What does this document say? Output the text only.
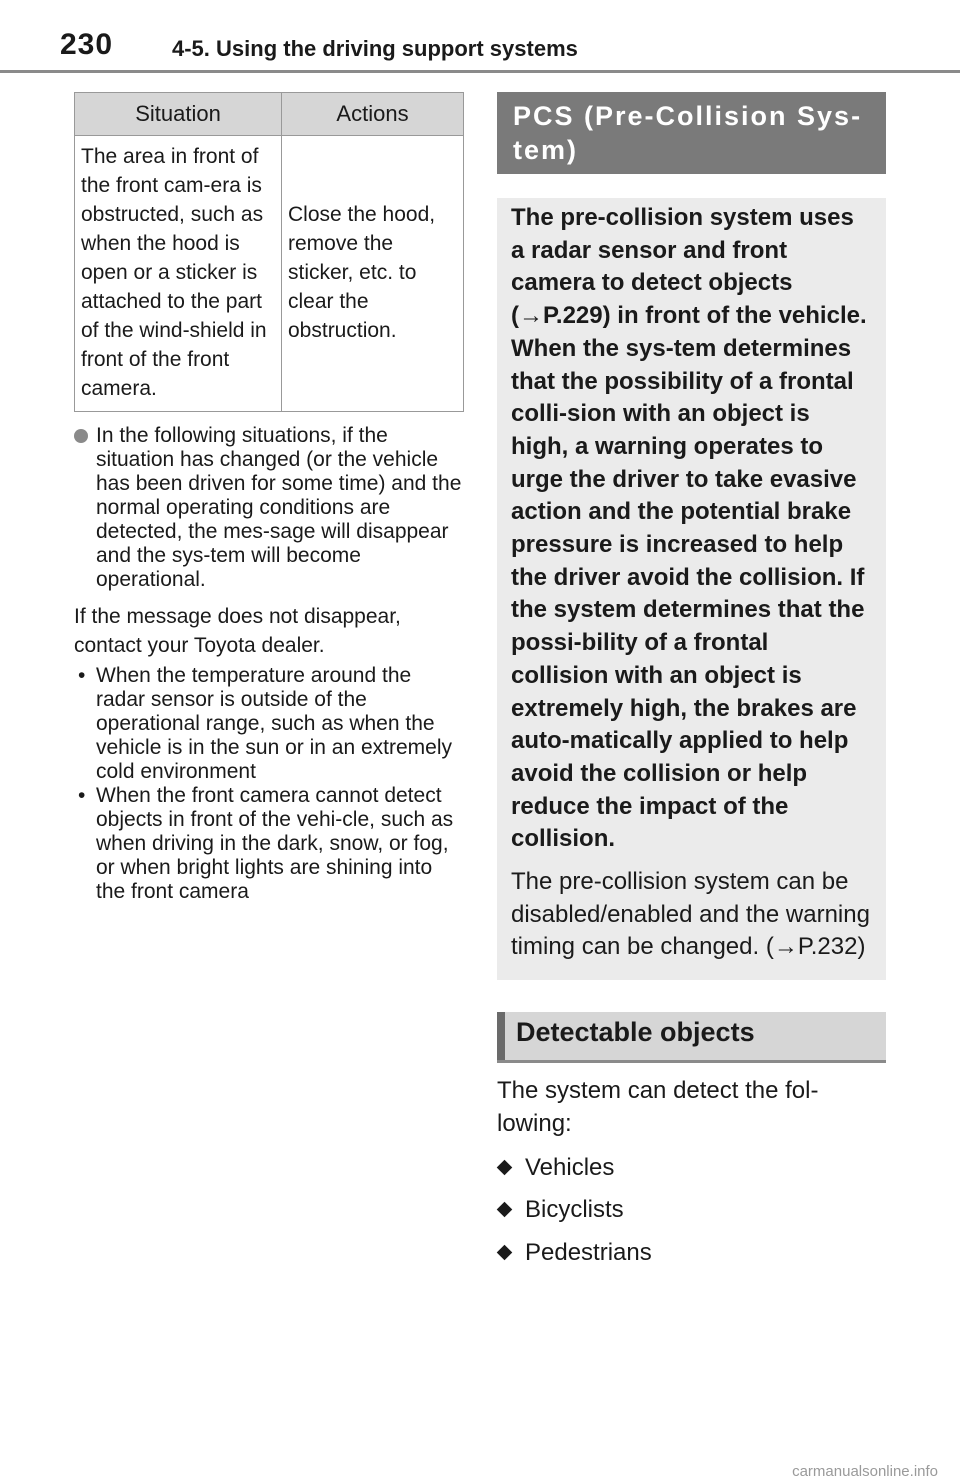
230	4-5. Using the driving support systems
Situation	Actions
The area in front of the front cam-era is obstructed, such as when the hood is open or a sticker is attached to the part of the wind-shield in front of the front camera.	Close the hood, remove the sticker, etc. to clear the obstruction.
In the following situations, if the situation has changed (or the vehicle has been driven for some time) and the normal operating conditions are detected, the mes-sage will disappear and the sys-tem will become operational.
If the message does not disappear, contact your Toyota dealer.
• When the temperature around the radar sensor is outside of the operational range, such as when the vehicle is in the sun or in an extremely cold environment
• When the front camera cannot detect objects in front of the vehi-cle, such as when driving in the dark, snow, or fog, or when bright lights are shining into the front camera
PCS (Pre-Collision Sys-tem)

The pre-collision system uses a radar sensor and front camera to detect objects (→P.229) in front of the vehicle. When the sys-tem determines that the possibility of a frontal colli-sion with an object is high, a warning operates to urge the driver to take evasive action and the potential brake pressure is increased to help the driver avoid the collision. If the system determines that the possi-bility of a frontal collision with an object is extremely high, the brakes are auto-matically applied to help avoid the collision or help reduce the impact of the collision.

The pre-collision system can be disabled/enabled and the warning timing can be changed. (→P.232)

Detectable objects
The system can detect the fol-lowing:
Vehicles
Bicyclists
Pedestrians
carmanualsonline.info
